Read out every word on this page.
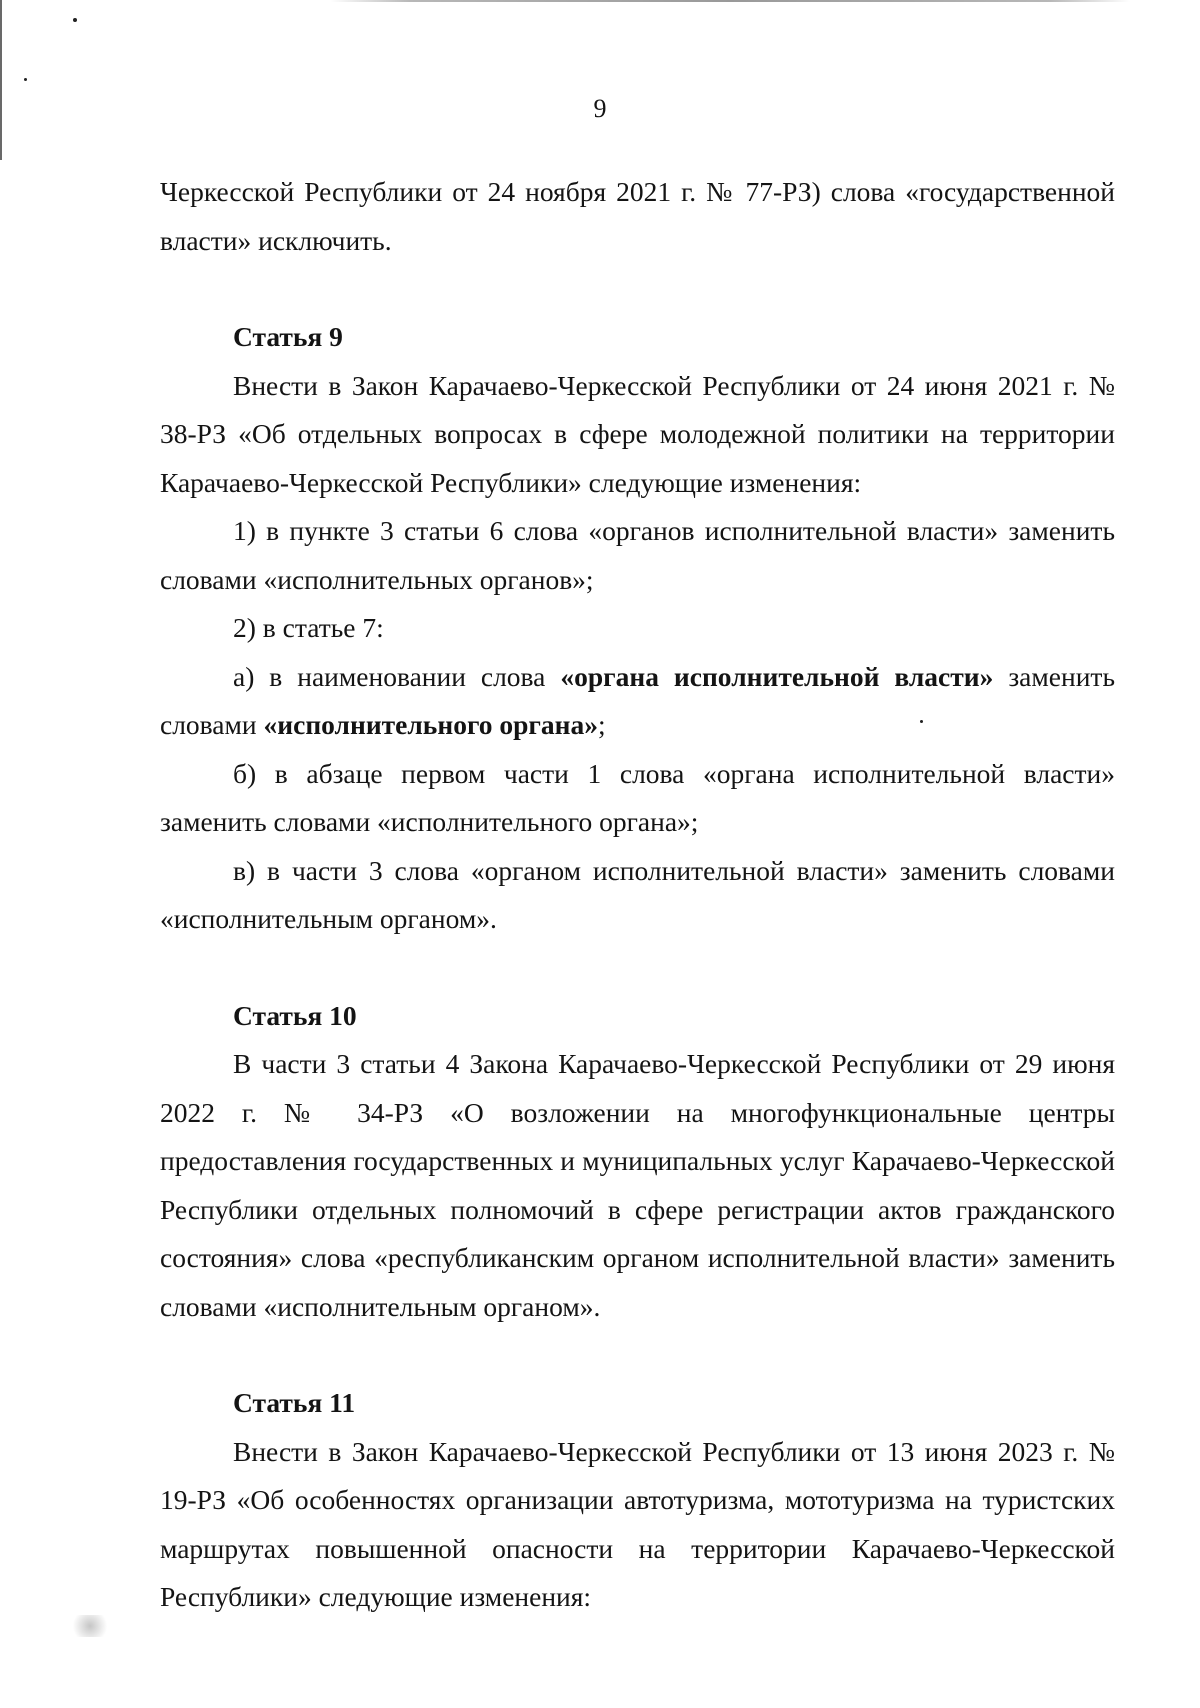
9

Черкесской Республики от 24 ноября 2021 г. № 77-РЗ) слова «государственной власти» исключить.

Статья 9

Внести в Закон Карачаево-Черкесской Республики от 24 июня 2021 г. № 38-РЗ «Об отдельных вопросах в сфере молодежной политики на территории Карачаево-Черкесской Республики» следующие изменения:

1) в пункте 3 статьи 6 слова «органов исполнительной власти» заменить словами «исполнительных органов»;

2) в статье 7:

а) в наименовании слова «органа исполнительной власти» заменить словами «исполнительного органа»;

б) в абзаце первом части 1 слова «органа исполнительной власти» заменить словами «исполнительного органа»;

в) в части 3 слова «органом исполнительной власти» заменить словами «исполнительным органом».

Статья 10

В части 3 статьи 4 Закона Карачаево-Черкесской Республики от 29 июня 2022 г. № 34-РЗ «О возложении на многофункциональные центры предоставления государственных и муниципальных услуг Карачаево-Черкесской Республики отдельных полномочий в сфере регистрации актов гражданского состояния» слова «республиканским органом исполнительной власти» заменить словами «исполнительным органом».

Статья 11

Внести в Закон Карачаево-Черкесской Республики от 13 июня 2023 г. № 19-РЗ «Об особенностях организации автотуризма, мототуризма на туристских маршрутах повышенной опасности на территории Карачаево-Черкесской Республики» следующие изменения:
